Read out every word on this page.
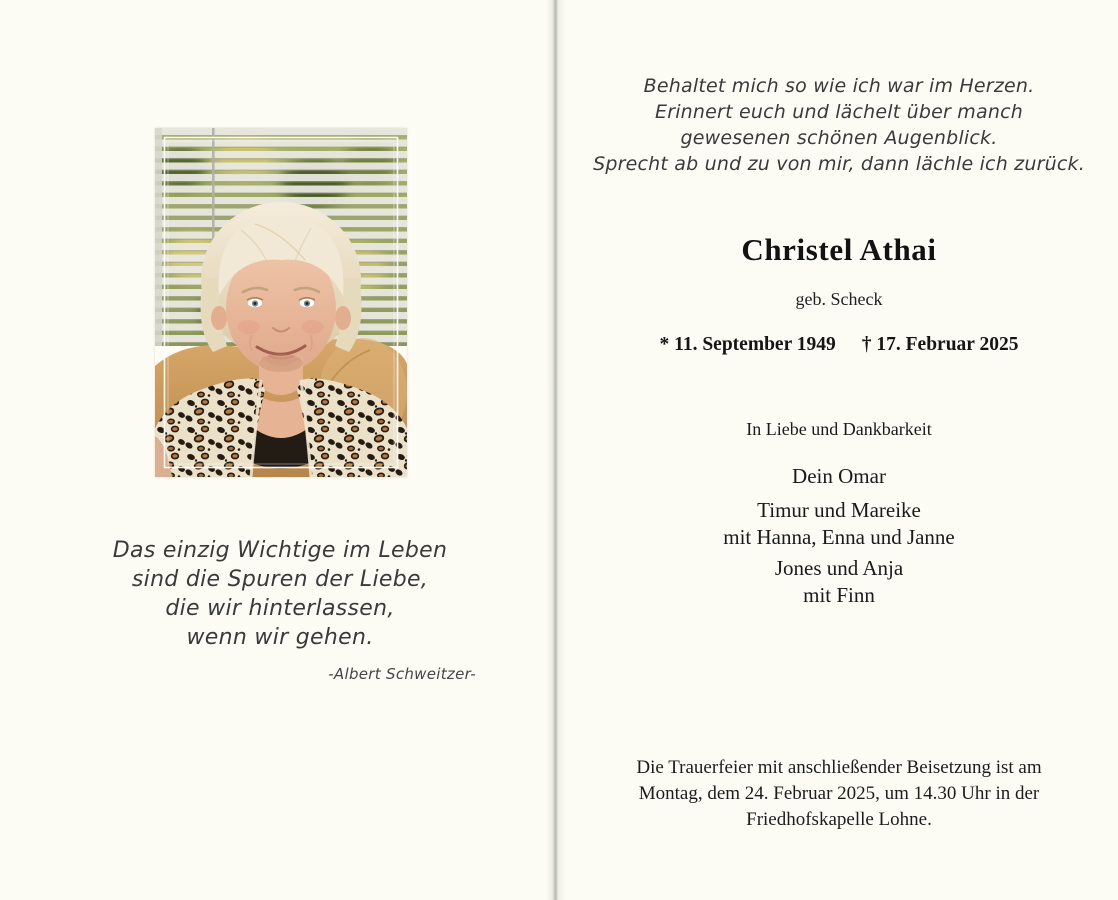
Das einzig Wichtige im Leben
sind die Spuren der Liebe,
die wir hinterlassen,
wenn wir gehen.
-Albert Schweitzer-
Behaltet mich so wie ich war im Herzen.
Erinnert euch und lächelt über manch
gewesenen schönen Augenblick.
Sprecht ab und zu von mir, dann lächle ich zurück.
Christel Athai
geb. Scheck
* 11. September 1949 † 17. Februar 2025
In Liebe und Dankbarkeit
Dein Omar
Timur und Mareike
mit Hanna, Enna und Janne
Jones und Anja
mit Finn
Die Trauerfeier mit anschließender Beisetzung ist am
Montag, dem 24. Februar 2025, um 14.30 Uhr in der
Friedhofskapelle Lohne.
